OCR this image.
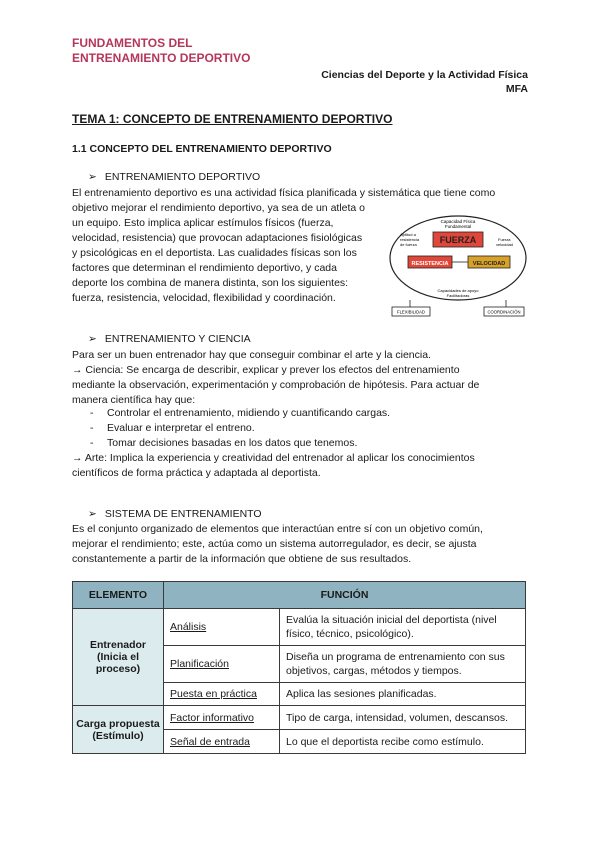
FUNDAMENTOS DEL
ENTRENAMIENTO DEPORTIVO
Ciencias del Deporte y la Actividad Física
MFA
TEMA 1: CONCEPTO DE ENTRENAMIENTO DEPORTIVO
1.1 CONCEPTO DEL ENTRENAMIENTO DEPORTIVO
➢ ENTRENAMIENTO DEPORTIVO

El entrenamiento deportivo es una actividad física planificada y sistemática que tiene como

objetivo mejorar el rendimiento deportivo, ya sea de un atleta o

un equipo. Esto implica aplicar estímulos físicos (fuerza,

velocidad, resistencia) que provocan adaptaciones fisiológicas

y psicológicas en el deportista. Las cualidades físicas son los

factores que determinan el rendimiento deportivo, y cada

deporte los combina de manera distinta, son los siguientes:

fuerza, resistencia, velocidad, flexibilidad y coordinación.

Capacidad Física
Fundamental
FUERZA
RESISTENCIA	VELOCIDAD
Aptitud a
resistencia
de fuerza
Fuerza
velocidad
Capacidades de apoyo
Facilitadoras
FLEXIBILIDAD	COORDINACIÓN
➢ ENTRENAMIENTO Y CIENCIA

Para ser un buen entrenador hay que conseguir combinar el arte y la ciencia.

→ Ciencia: Se encarga de describir, explicar y prever los efectos del entrenamiento

mediante la observación, experimentación y comprobación de hipótesis. Para actuar de

manera científica hay que:

- Controlar el entrenamiento, midiendo y cuantificando cargas.
- Evaluar e interpretar el entreno.
- Tomar decisiones basadas en los datos que tenemos.

→ Arte: Implica la experiencia y creatividad del entrenador al aplicar los conocimientos

científicos de forma práctica y adaptada al deportista.

➢ SISTEMA DE ENTRENAMIENTO

Es el conjunto organizado de elementos que interactúan entre sí con un objetivo común,

mejorar el rendimiento; este, actúa como un sistema autorregulador, es decir, se ajusta

constantemente a partir de la información que obtiene de sus resultados.

ELEMENTO	FUNCIÓN	
Entrenador (Inicia el proceso)	Análisis	Evalúa la situación inicial del deportista (nivel físico, técnico, psicológico).
	Planificación	Diseña un programa de entrenamiento con sus objetivos, cargas, métodos y tiempos.
	Puesta en práctica	Aplica las sesiones planificadas.
Carga propuesta (Estímulo)	Factor informativo	Tipo de carga, intensidad, volumen, descansos.
	Señal de entrada	Lo que el deportista recibe como estímulo.
